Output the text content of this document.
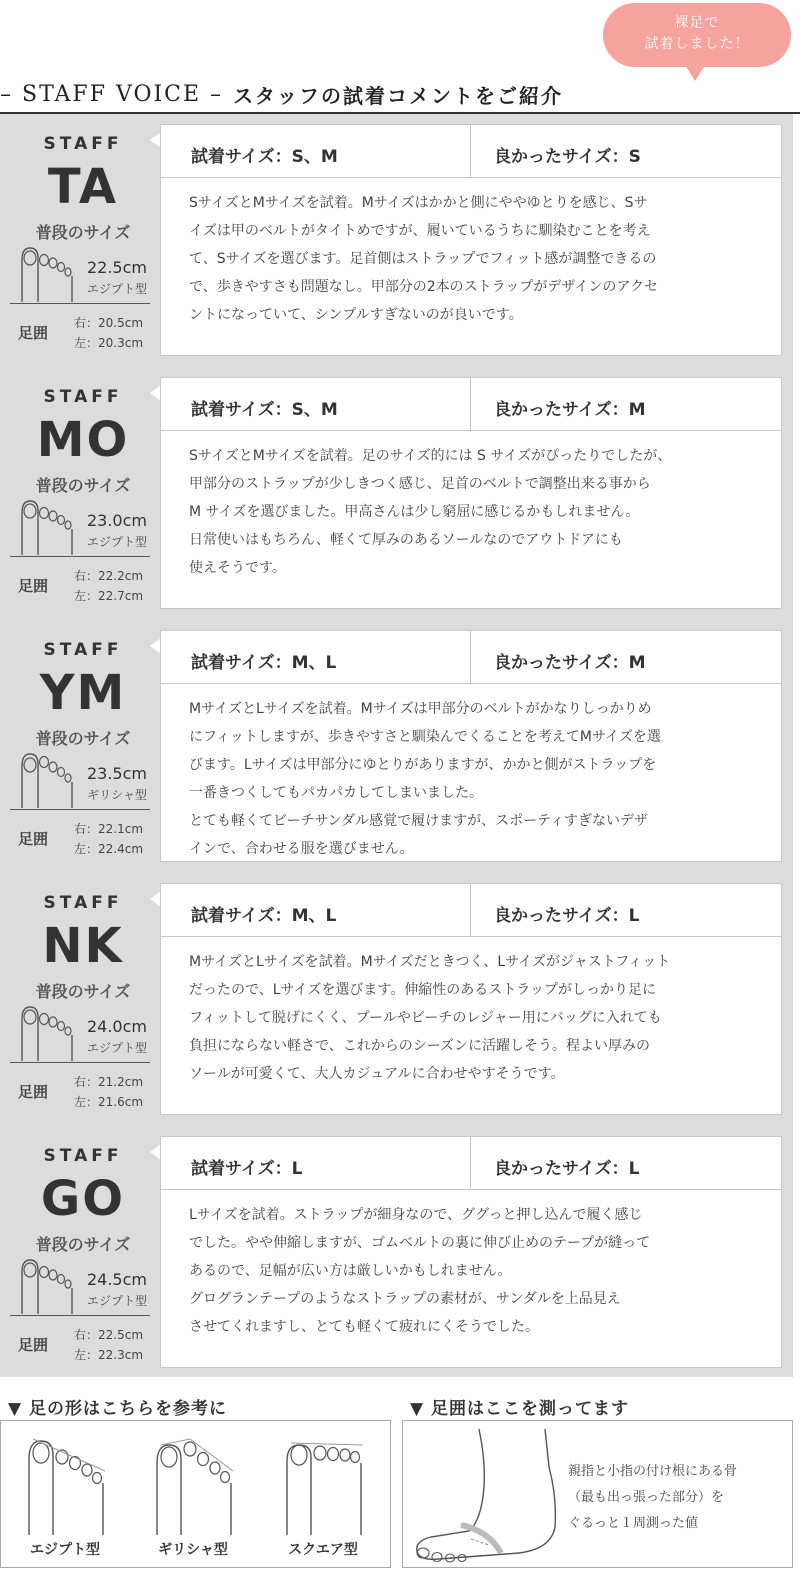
裸足で
試着しました！
– STAFF VOICE – スタッフの試着コメントをご紹介
STAFF
TA
普段のサイズ
22.5cm
エジプト型
足囲
右：20.5cm
左：20.3cm
試着サイズ：S、M	良かったサイズ：S
SサイズとMサイズを試着。Mサイズはかかと側にややゆとりを感じ、Sサ
イズは甲のベルトがタイトめですが、履いているうちに馴染むことを考え
て、Sサイズを選びます。足首側はストラップでフィット感が調整できるの
で、歩きやすさも問題なし。甲部分の2本のストラップがデザインのアクセ
ントになっていて、シンプルすぎないのが良いです。
STAFF
MO
普段のサイズ
23.0cm
エジプト型
足囲
右：22.2cm
左：22.7cm
試着サイズ：S、M	良かったサイズ：M
SサイズとMサイズを試着。足のサイズ的には S サイズがぴったりでしたが、
甲部分のストラップが少しきつく感じ、足首のベルトで調整出来る事から
M サイズを選びました。甲高さんは少し窮屈に感じるかもしれません。
日常使いはもちろん、軽くて厚みのあるソールなのでアウトドアにも
使えそうです。
STAFF
YM
普段のサイズ
23.5cm
ギリシャ型
足囲
右：22.1cm
左：22.4cm
試着サイズ：M、L	良かったサイズ：M
MサイズとLサイズを試着。Mサイズは甲部分のベルトがかなりしっかりめ
にフィットしますが、歩きやすさと馴染んでくることを考えてMサイズを選
びます。Lサイズは甲部分にゆとりがありますが、かかと側がストラップを
一番きつくしてもパカパカしてしまいました。
とても軽くてビーチサンダル感覚で履けますが、スポーティすぎないデザ
インで、合わせる服を選びません。
STAFF
NK
普段のサイズ
24.0cm
エジプト型
足囲
右：21.2cm
左：21.6cm
試着サイズ：M、L	良かったサイズ：L
MサイズとLサイズを試着。Mサイズだときつく、Lサイズがジャストフィット
だったので、Lサイズを選びます。伸縮性のあるストラップがしっかり足に
フィットして脱げにくく、プールやビーチのレジャー用にバッグに入れても
負担にならない軽さで、これからのシーズンに活躍しそう。程よい厚みの
ソールが可愛くて、大人カジュアルに合わせやすそうです。
STAFF
GO
普段のサイズ
24.5cm
エジプト型
足囲
右：22.5cm
左：22.3cm
試着サイズ：L	良かったサイズ：L
Lサイズを試着。ストラップが細身なので、ググっと押し込んで履く感じ
でした。やや伸縮しますが、ゴムベルトの裏に伸び止めのテープが縫って
あるので、足幅が広い方は厳しいかもしれません。
グログランテープのようなストラップの素材が、サンダルを上品見え
させてくれますし、とても軽くて疲れにくそうでした。
▼ 足の形はこちらを参考に
エジプト型	ギリシャ型	スクエア型
▼ 足囲はここを測ってます
親指と小指の付け根にある骨
（最も出っ張った部分）を
ぐるっと１周測った値
